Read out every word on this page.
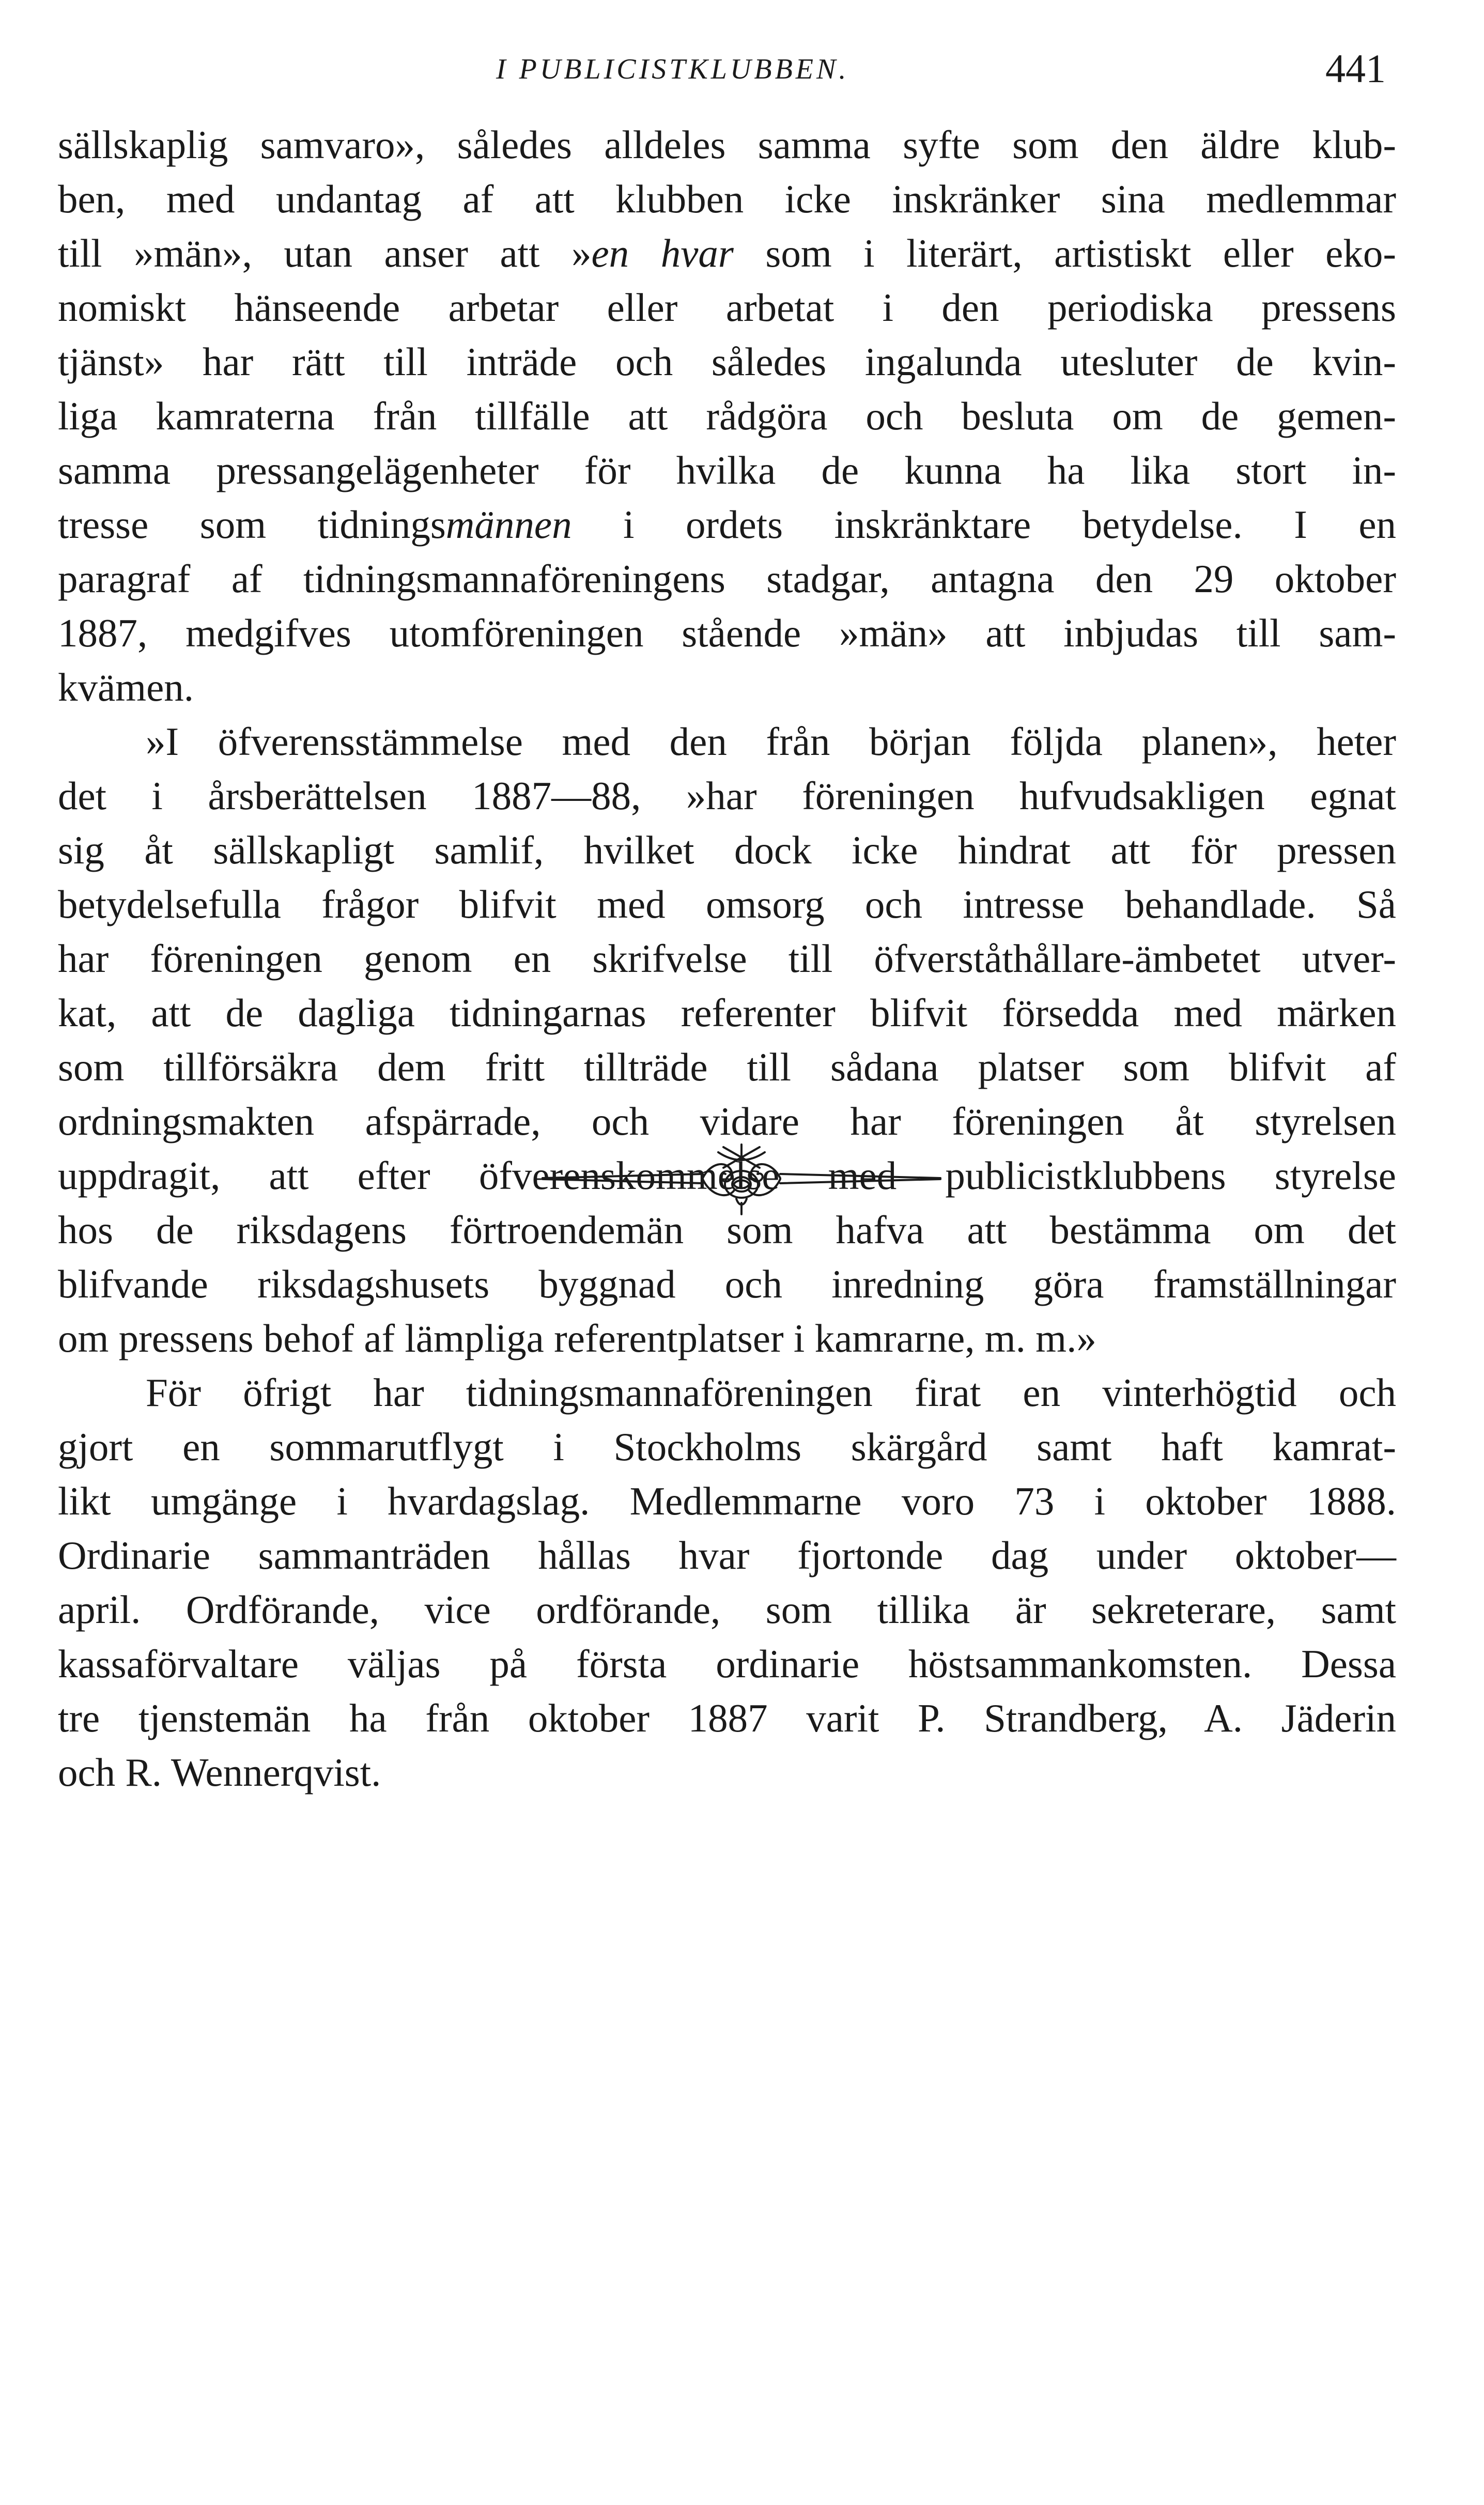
I PUBLICISTKLUBBEN.	441
sällskaplig samvaro», således alldeles samma syfte som den äldre klub-
ben, med undantag af att klubben icke inskränker sina medlemmar
till »män», utan anser att »en hvar som i literärt, artistiskt eller eko-
nomiskt hänseende arbetar eller arbetat i den periodiska pressens
tjänst» har rätt till inträde och således ingalunda utesluter de kvin-
liga kamraterna från tillfälle att rådgöra och besluta om de gemen-
samma pressangelägenheter för hvilka de kunna ha lika stort in-
tresse som tidningsmännen i ordets inskränktare betydelse. I en
paragraf af tidningsmannaföreningens stadgar, antagna den 29 oktober
1887, medgifves utomföreningen stående »män» att inbjudas till sam-
kvämen.
»I öfverensstämmelse med den från början följda planen», heter
det i årsberättelsen 1887—88, »har föreningen hufvudsakligen egnat
sig åt sällskapligt samlif, hvilket dock icke hindrat att för pressen
betydelsefulla frågor blifvit med omsorg och intresse behandlade. Så
har föreningen genom en skrifvelse till öfverståthållare-ämbetet utver-
kat, att de dagliga tidningarnas referenter blifvit försedda med märken
som tillförsäkra dem fritt tillträde till sådana platser som blifvit af
ordningsmakten afspärrade, och vidare har föreningen åt styrelsen
uppdragit, att efter öfverenskommelse med publicistklubbens styrelse
hos de riksdagens förtroendemän som hafva att bestämma om det
blifvande riksdagshusets byggnad och inredning göra framställningar
om pressens behof af lämpliga referentplatser i kamrarne, m. m.»
För öfrigt har tidningsmannaföreningen firat en vinterhögtid och
gjort en sommarutflygt i Stockholms skärgård samt haft kamrat-
likt umgänge i hvardagslag. Medlemmarne voro 73 i oktober 1888.
Ordinarie sammanträden hållas hvar fjortonde dag under oktober—
april. Ordförande, vice ordförande, som tillika är sekreterare, samt
kassaförvaltare väljas på första ordinarie höstsammankomsten. Dessa
tre tjenstemän ha från oktober 1887 varit P. Strandberg, A. Jäderin
och R. Wennerqvist.
